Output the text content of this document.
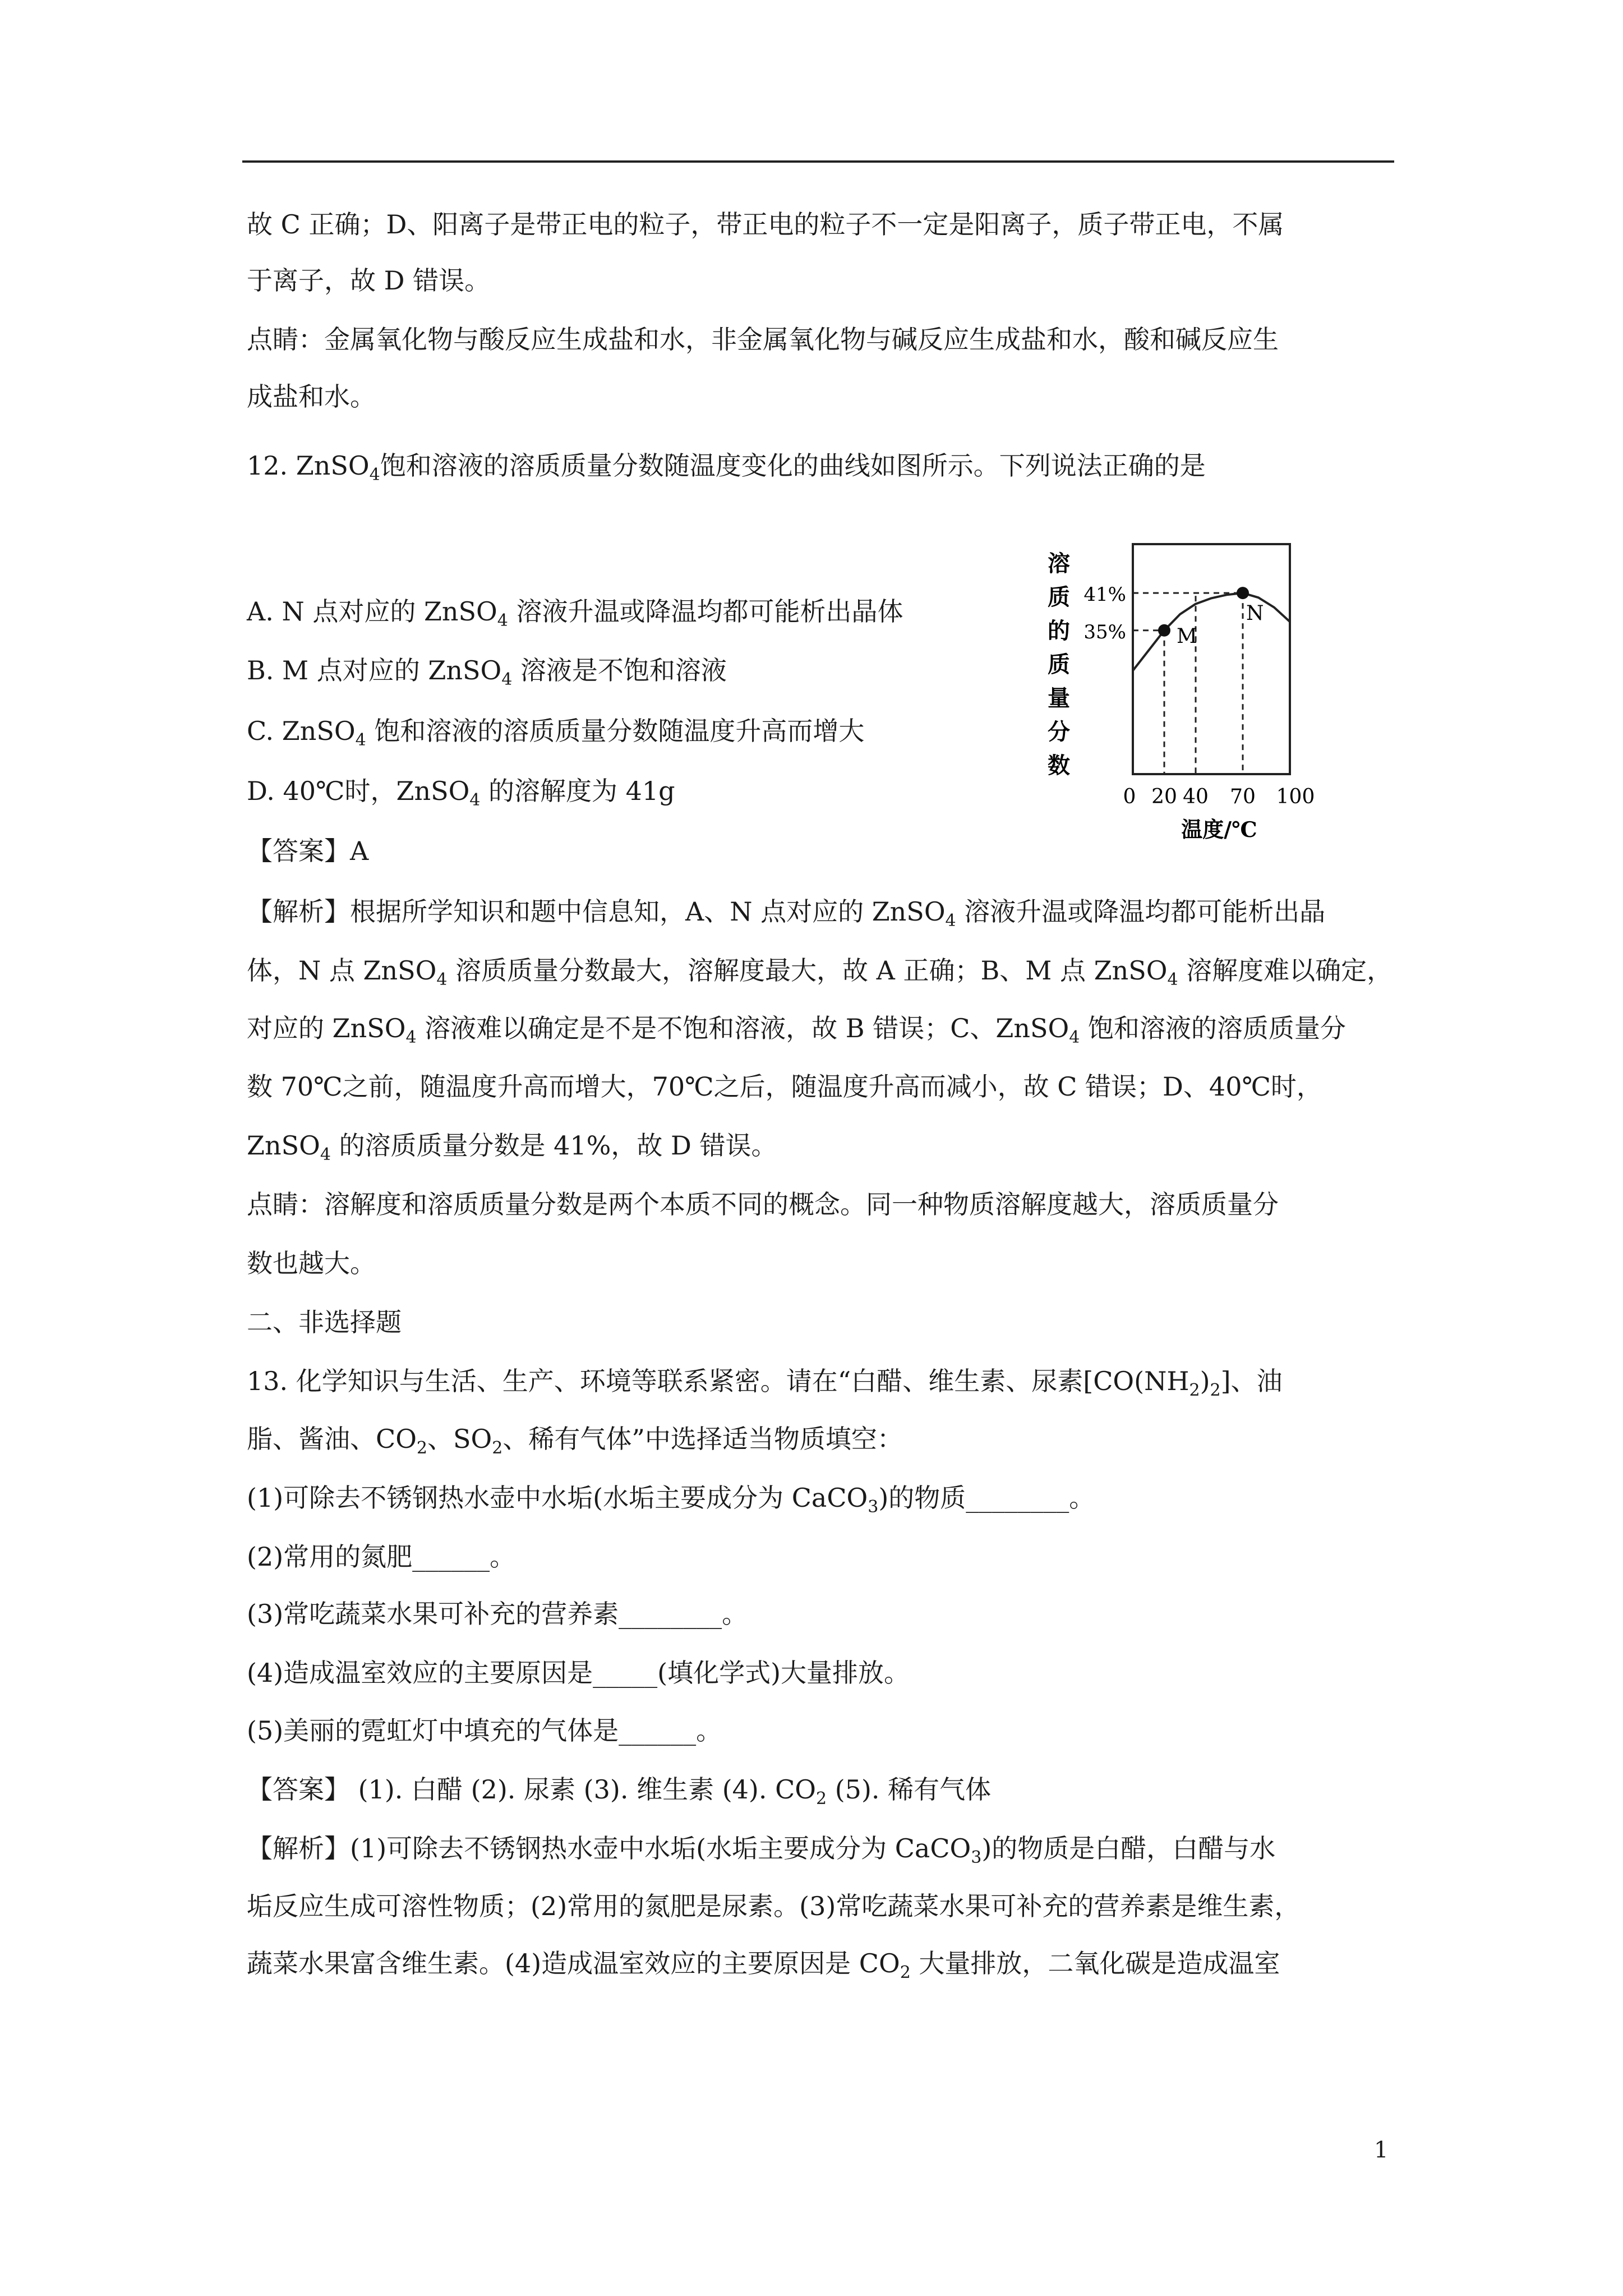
故 C 正确；D、阳离子是带正电的粒子，带正电的粒子不一定是阳离子，质子带正电，不属
于离子，故 D 错误。
点睛：金属氧化物与酸反应生成盐和水，非金属氧化物与碱反应生成盐和水，酸和碱反应生
成盐和水。
12. ZnSO$_4$饱和溶液的溶质质量分数随温度变化的曲线如图所示。下列说法正确的是
A. N 点对应的 ZnSO$_4$ 溶液升温或降温均都可能析出晶体
B. M 点对应的 ZnSO$_4$ 溶液是不饱和溶液
C. ZnSO$_4$ 饱和溶液的溶质质量分数随温度升高而增大
D. 40℃时，ZnSO$_4$ 的溶解度为 41g
【答案】A
【解析】根据所学知识和题中信息知，A、N 点对应的 ZnSO$_4$ 溶液升温或降温均都可能析出晶
体，N 点 ZnSO$_4$ 溶质质量分数最大，溶解度最大，故 A 正确；B、M 点 ZnSO$_4$ 溶解度难以确定，
对应的 ZnSO$_4$ 溶液难以确定是不是不饱和溶液，故 B 错误；C、ZnSO$_4$ 饱和溶液的溶质质量分
数 70℃之前，随温度升高而增大，70℃之后，随温度升高而减小，故 C 错误；D、40℃时，
ZnSO$_4$ 的溶质质量分数是 41%，故 D 错误。
点睛：溶解度和溶质质量分数是两个本质不同的概念。同一种物质溶解度越大，溶质质量分
数也越大。
二、非选择题
13. 化学知识与生活、生产、环境等联系紧密。请在“白醋、维生素、尿素$[CO(NH_2)_2]$、油
脂、酱油、$CO_2$、$SO_2$、稀有气体”中选择适当物质填空：
(1)可除去不锈钢热水壶中水垢(水垢主要成分为 CaCO$_3$)的物质________。
(2)常用的氮肥______。
(3)常吃蔬菜水果可补充的营养素________。
(4)造成温室效应的主要原因是_____(填化学式)大量排放。
(5)美丽的霓虹灯中填充的气体是______。
【答案】 (1). 白醋 (2). 尿素 (3). 维生素 (4). $CO_2$ (5). 稀有气体
【解析】(1)可除去不锈钢热水壶中水垢(水垢主要成分为 CaCO$_3$)的物质是白醋，白醋与水
垢反应生成可溶性物质；(2)常用的氮肥是尿素。(3)常吃蔬菜水果可补充的营养素是维生素，
蔬菜水果富含维生素。(4)造成温室效应的主要原因是 $CO_2$ 大量排放，二氧化碳是造成温室
41%
35%	M
N
溶
质
的
质
量
分
数
0 20 40 70 100
温度/℃
1
